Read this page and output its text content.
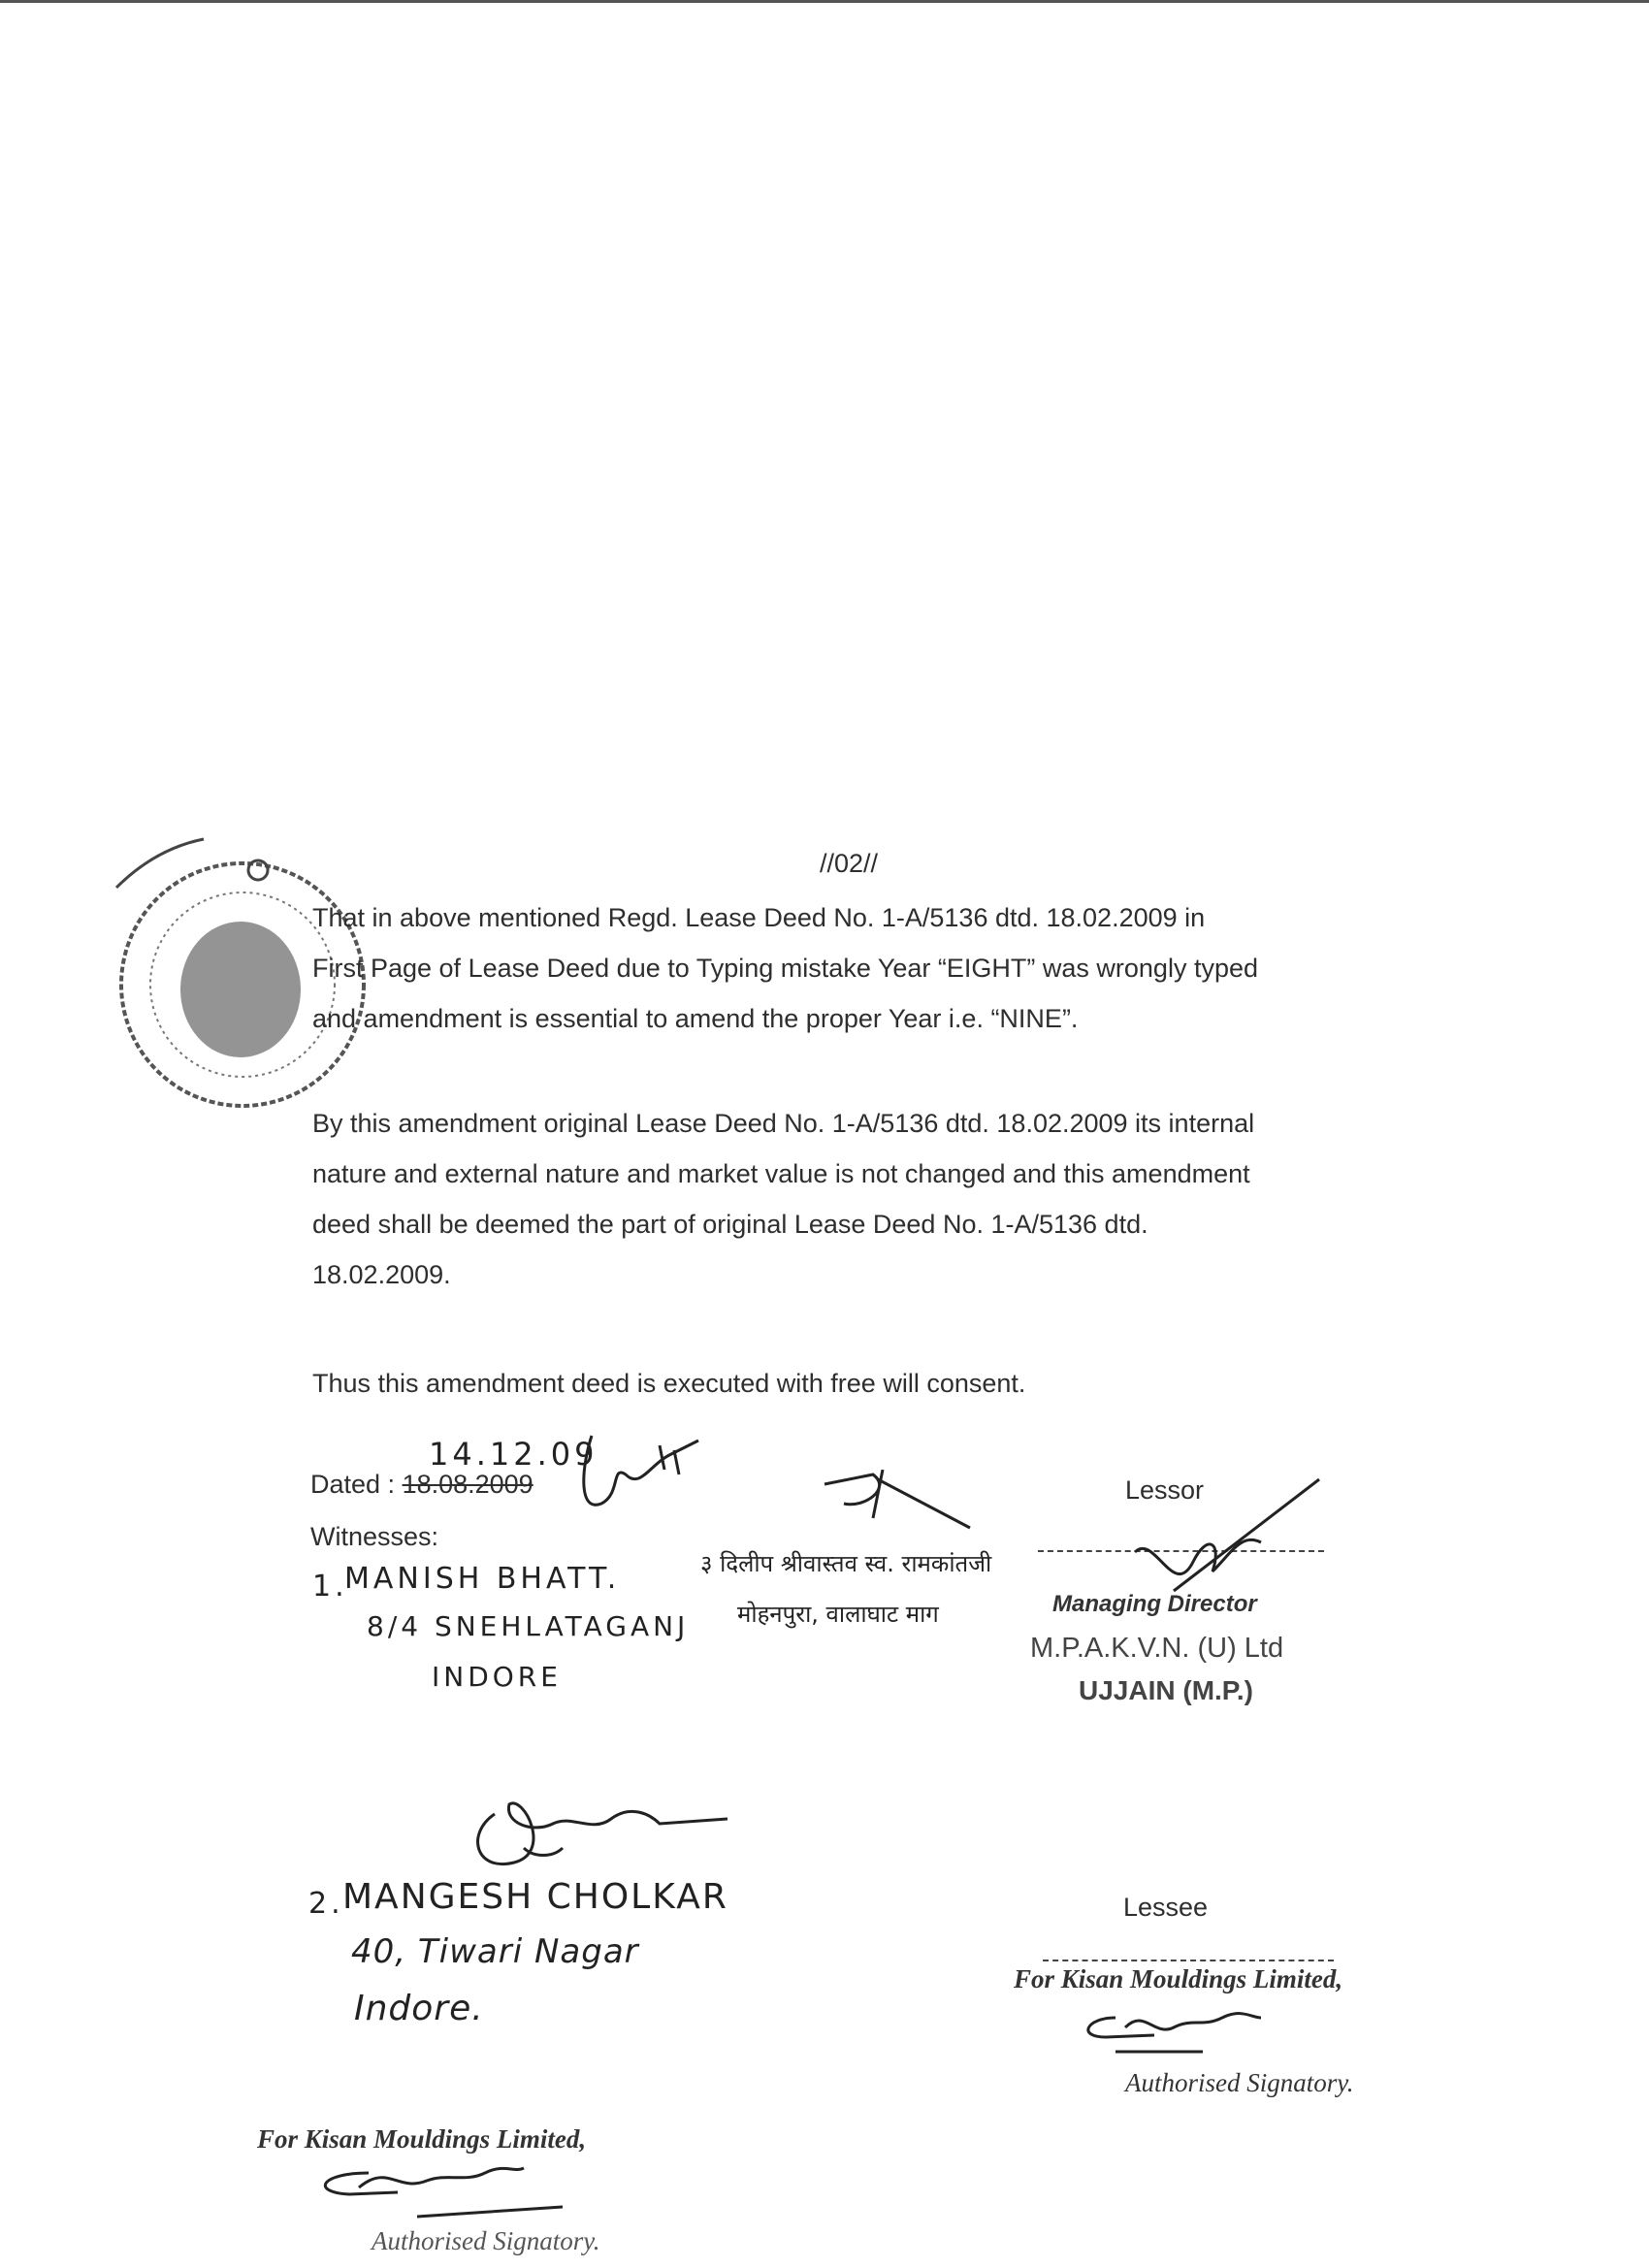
//02//

That in above mentioned Regd. Lease Deed No. 1-A/5136 dtd. 18.02.2009 in

First Page of Lease Deed due to Typing mistake Year “EIGHT” was wrongly typed

and amendment is essential to amend the proper Year i.e. “NINE”.

By this amendment original Lease Deed No. 1-A/5136 dtd. 18.02.2009 its internal

nature and external nature and market value is not changed and this amendment

deed shall be deemed the part of original Lease Deed No. 1-A/5136 dtd.

18.02.2009.

Thus this amendment deed is executed with free will consent.
Dated : 18.08.2009
14.12.09
Witnesses:
1.
MANISH BHATT.
8/4 SNEHLATAGANJ
INDORE
३ दिलीप श्रीवास्तव स्व. रामकांतजी
मोहनपुरा, वालाघाट माग
Lessor
Managing Director
M.P.A.K.V.N. (U) Ltd
UJJAIN (M.P.)
2.
MANGESH CHOLKAR
40, Tiwari Nagar
Indore.
Lessee
For Kisan Mouldings Limited,
Authorised Signatory.
For Kisan Mouldings Limited,
Authorised Signatory.
